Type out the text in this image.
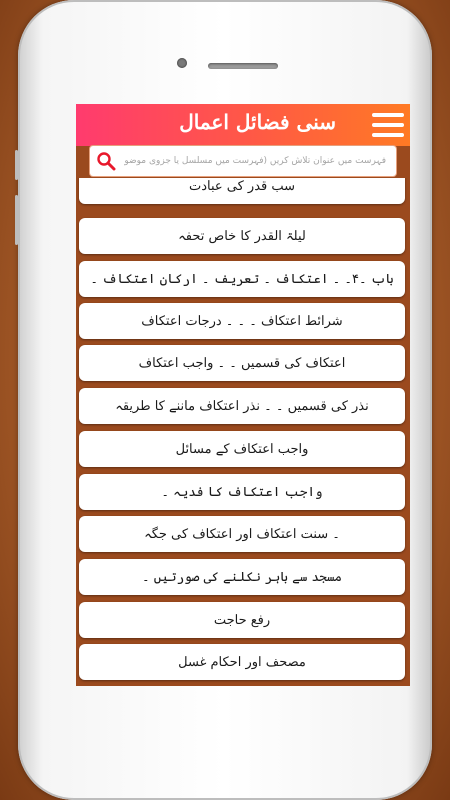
سنی فضائل اعمال
فہرست میں عنوان تلاش کریں (فہرست میں مسلسل یا جزوی موضوع لکھ سکتے ہیں)
سب قدر کی عبادت
لیلۃ القدر کا خاص تحفہ
باب ۔۴۔ ۔ اعتکاف ۔ تعریف ۔ ارکان اعتکاف ۔
شرائط اعتکاف ۔ ۔ ۔ درجات اعتکاف
اعتکاف کی قسمیں ۔ ۔ واجب اعتکاف
نذر کی قسمیں ۔ ۔ نذر اعتکاف ماننے کا طریقہ
واجب اعتکاف کے مسائل
واجب اعتکاف کا فدیہ ۔
۔ سنت اعتکاف اور اعتکاف کی جگہ
مسجد سے باہر نکلنے کی صورتیں ۔
رفع حاجت
مصحف اور احکام غسل
